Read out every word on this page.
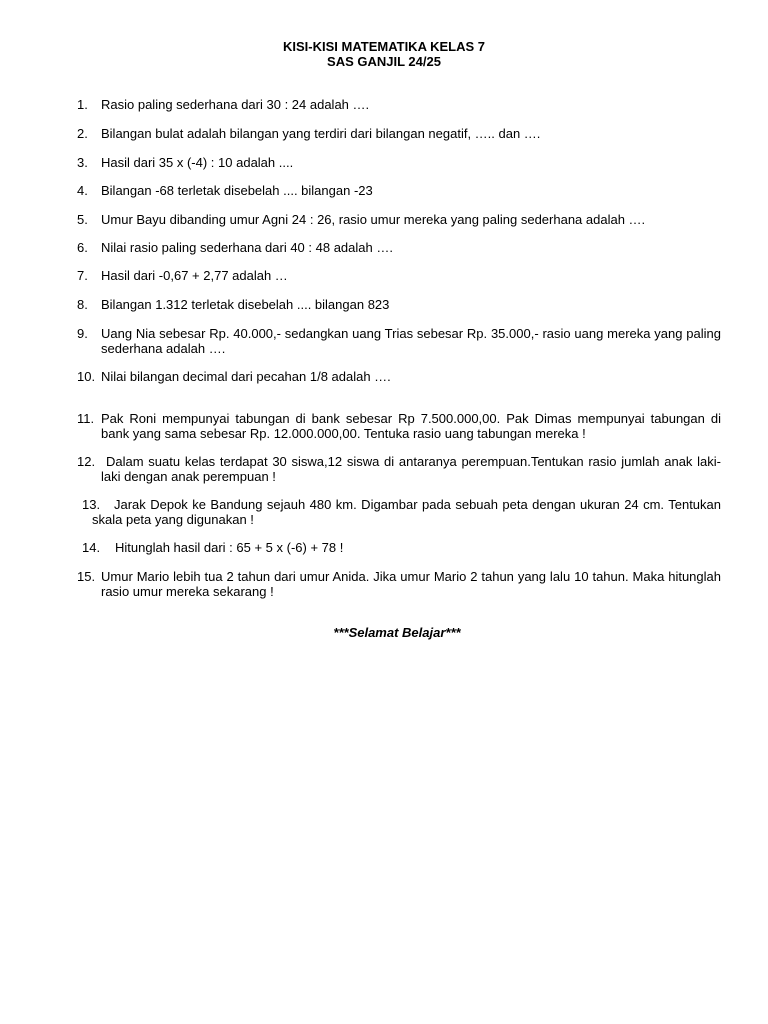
KISI-KISI MATEMATIKA KELAS 7
SAS GANJIL 24/25
1. Rasio paling sederhana dari 30 : 24 adalah ….
2. Bilangan bulat adalah bilangan yang terdiri dari bilangan negatif, ….. dan ….
3. Hasil dari 35 x (-4) : 10 adalah ....
4. Bilangan -68 terletak disebelah .... bilangan -23
5. Umur Bayu dibanding umur Agni 24 : 26, rasio umur mereka yang paling sederhana adalah ….
6. Nilai rasio paling sederhana dari 40 : 48 adalah ….
7. Hasil dari -0,67 + 2,77 adalah …
8. Bilangan 1.312 terletak disebelah .... bilangan 823
9. Uang Nia sebesar Rp. 40.000,- sedangkan uang Trias sebesar Rp. 35.000,- rasio uang mereka yang paling sederhana adalah ….
10. Nilai bilangan decimal dari pecahan 1/8 adalah ….
11. Pak Roni mempunyai tabungan di bank sebesar Rp 7.500.000,00. Pak Dimas mempunyai tabungan di bank yang sama sebesar Rp. 12.000.000,00. Tentuka rasio uang tabungan mereka !
12. Dalam suatu kelas terdapat 30 siswa,12 siswa di antaranya perempuan.Tentukan rasio jumlah anak laki-laki dengan anak perempuan !
13.	Jarak Depok ke Bandung sejauh 480 km. Digambar pada sebuah peta dengan ukuran 24 cm. Tentukan skala peta yang digunakan !
14. Hitunglah hasil dari : 65 + 5 x (-6) + 78 !
15. Umur Mario lebih tua 2 tahun dari umur Anida. Jika umur Mario 2 tahun yang lalu 10 tahun. Maka hitunglah rasio umur mereka sekarang !
***Selamat Belajar***
